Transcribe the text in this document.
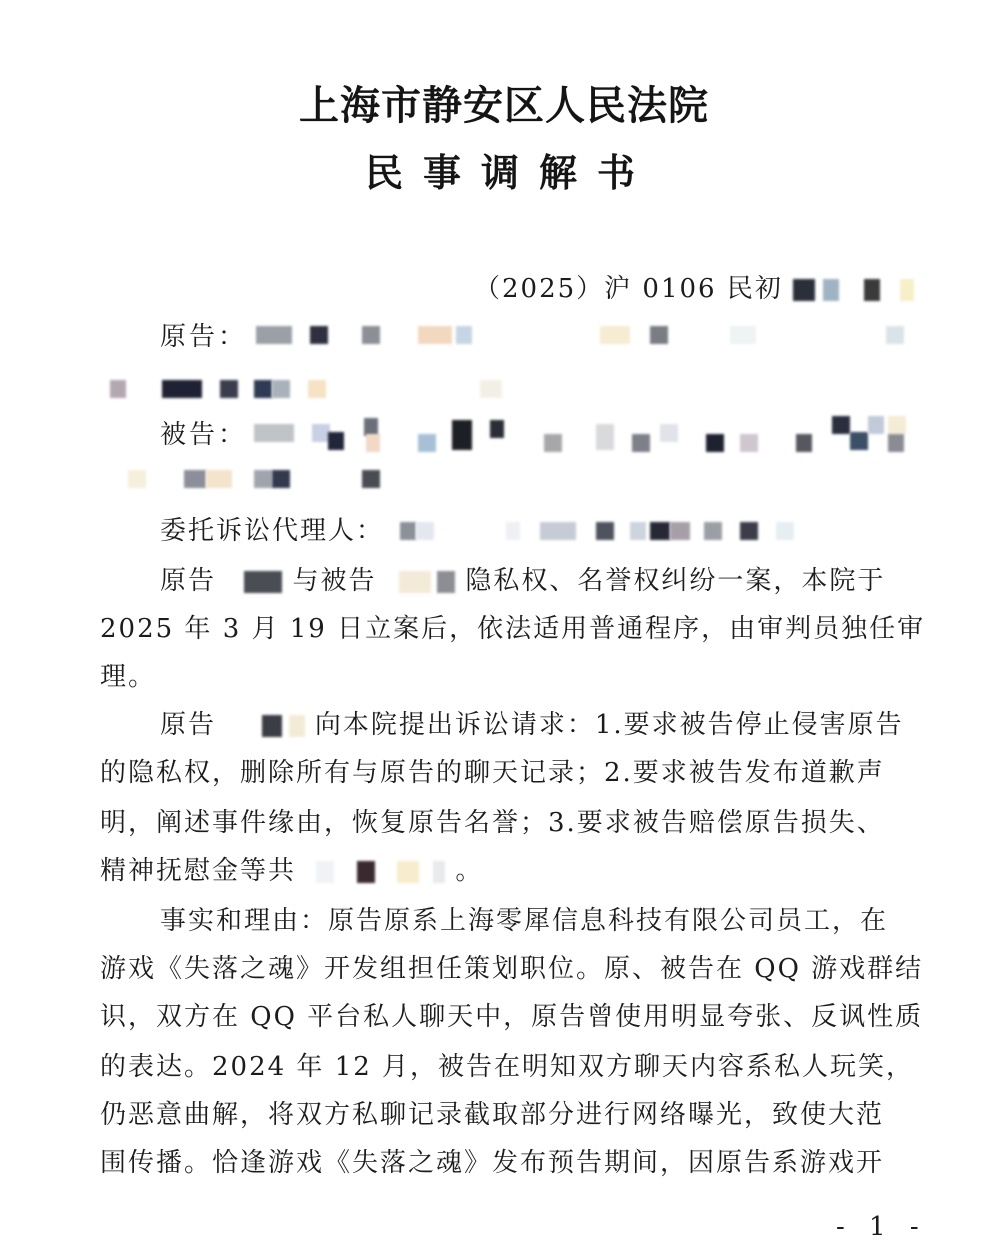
上海市静安区人民法院
民事调解书
（2025）沪 0106 民初
原告：
被告：
委托诉讼代理人：
原告	与被告	隐私权、名誉权纠纷一案，本院于
2025 年 3 月 19 日立案后，依法适用普通程序，由审判员独任审
理。
原告	向本院提出诉讼请求：1.要求被告停止侵害原告
的隐私权，删除所有与原告的聊天记录；2.要求被告发布道歉声
明，阐述事件缘由，恢复原告名誉；3.要求被告赔偿原告损失、
精神抚慰金等共	。
事实和理由：原告原系上海零犀信息科技有限公司员工，在
游戏《失落之魂》开发组担任策划职位。原、被告在 QQ 游戏群结
识，双方在 QQ 平台私人聊天中，原告曾使用明显夸张、反讽性质
的表达。2024 年 12 月，被告在明知双方聊天内容系私人玩笑，
仍恶意曲解，将双方私聊记录截取部分进行网络曝光，致使大范
围传播。恰逢游戏《失落之魂》发布预告期间，因原告系游戏开
- 1 -
